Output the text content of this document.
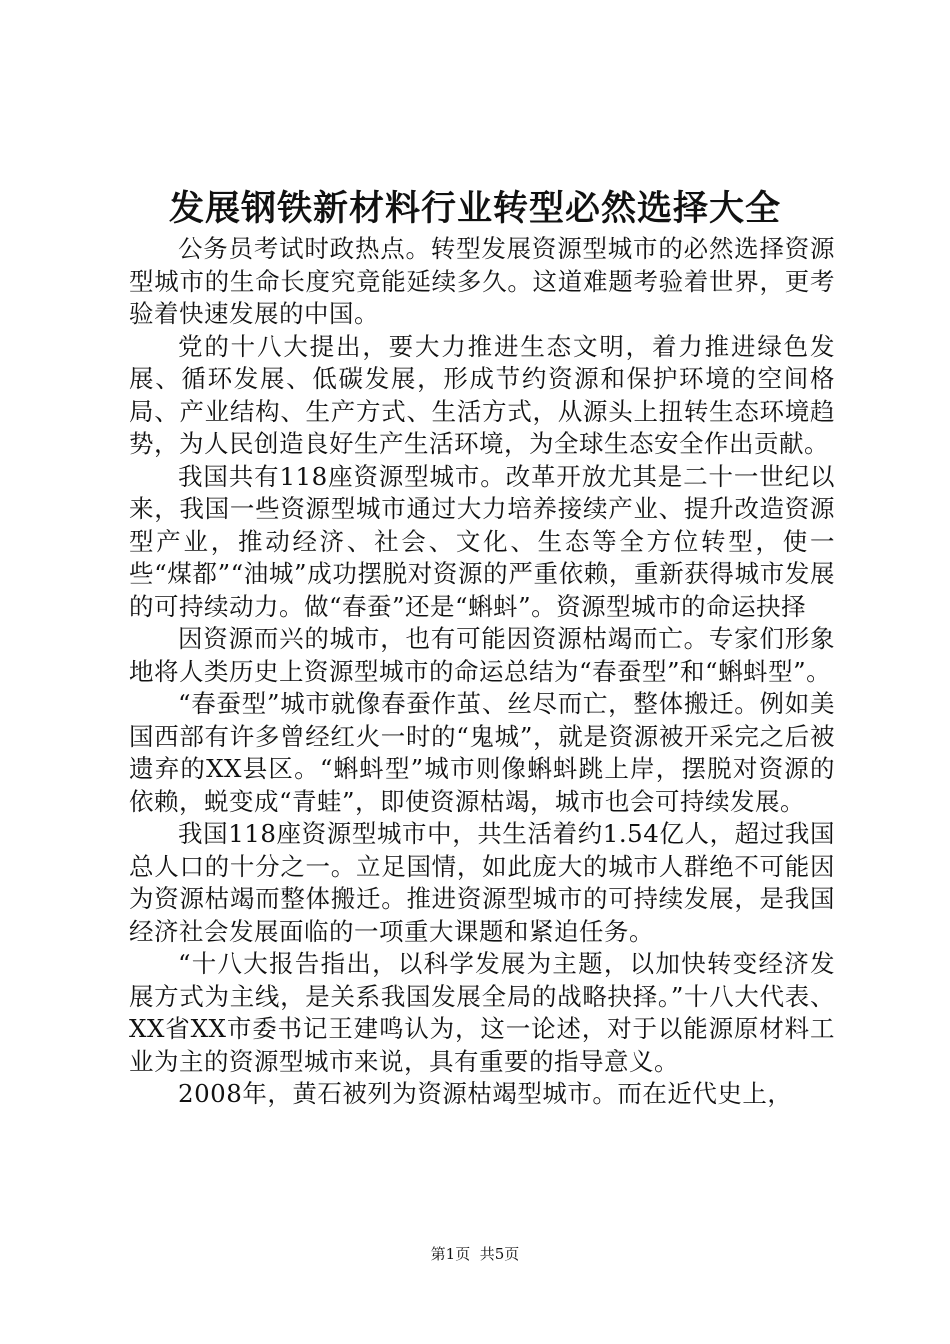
发展钢铁新材料行业转型必然选择大全

公务员考试时政热点。转型发展资源型城市的必然选择资源型城市的生命长度究竟能延续多久。这道难题考验着世界，更考验着快速发展的中国。

党的十八大提出，要大力推进生态文明，着力推进绿色发展、循环发展、低碳发展，形成节约资源和保护环境的空间格局、产业结构、生产方式、生活方式，从源头上扭转生态环境趋势，为人民创造良好生产生活环境，为全球生态安全作出贡献。

我国共有118座资源型城市。改革开放尤其是二十一世纪以来，我国一些资源型城市通过大力培养接续产业、提升改造资源型产业，推动经济、社会、文化、生态等全方位转型，使一些“煤都”“油城”成功摆脱对资源的严重依赖，重新获得城市发展的可持续动力。做“春蚕”还是“蝌蚪”。资源型城市的命运抉择

因资源而兴的城市，也有可能因资源枯竭而亡。专家们形象地将人类历史上资源型城市的命运总结为“春蚕型”和“蝌蚪型”。

“春蚕型”城市就像春蚕作茧、丝尽而亡，整体搬迁。例如美国西部有许多曾经红火一时的“鬼城”，就是资源被开采完之后被遗弃的XX县区。“蝌蚪型”城市则像蝌蚪跳上岸，摆脱对资源的依赖，蜕变成“青蛙”，即使资源枯竭，城市也会可持续发展。

我国118座资源型城市中，共生活着约1.54亿人，超过我国总人口的十分之一。立足国情，如此庞大的城市人群绝不可能因为资源枯竭而整体搬迁。推进资源型城市的可持续发展，是我国经济社会发展面临的一项重大课题和紧迫任务。

“十八大报告指出，以科学发展为主题，以加快转变经济发展方式为主线，是关系我国发展全局的战略抉择。”十八大代表、XX省XX市委书记王建鸣认为，这一论述，对于以能源原材料工业为主的资源型城市来说，具有重要的指导意义。

2008年，黄石被列为资源枯竭型城市。而在近代史上，

第1页 共5页
